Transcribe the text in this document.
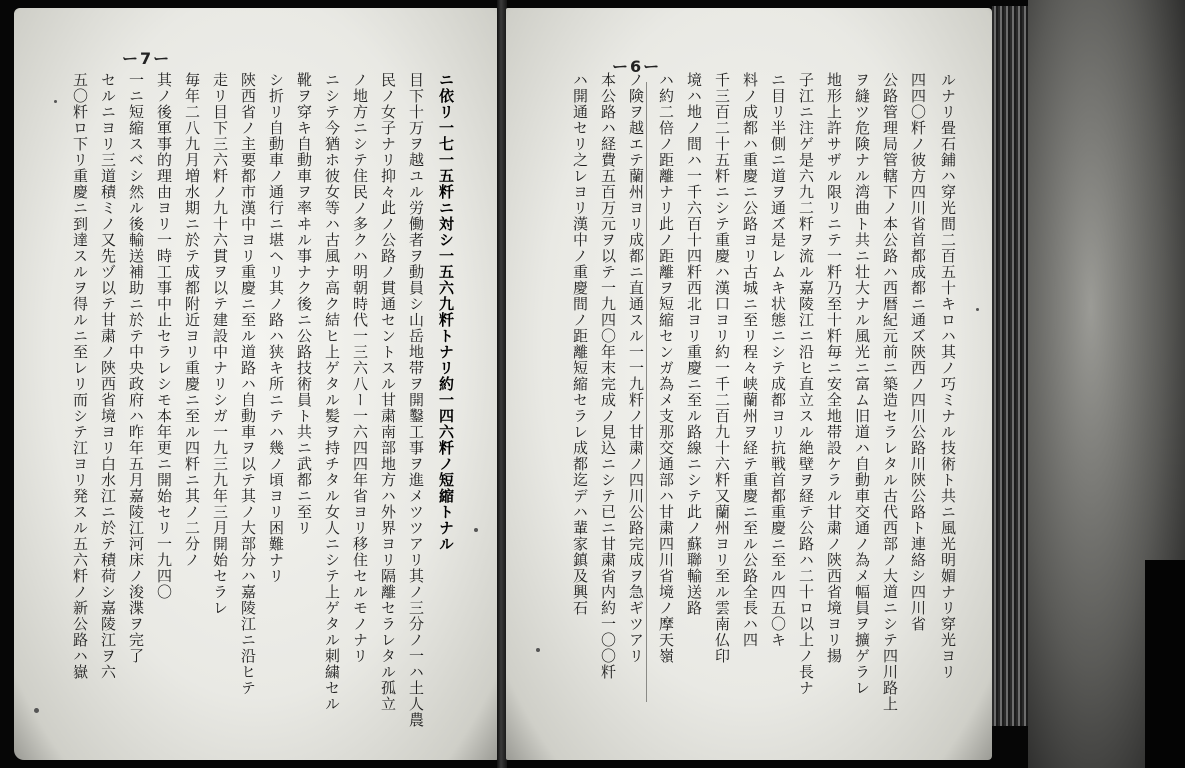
ー7ー
五〇粁ロ下リ重慶ニ到達スルヲ得ルニ至レリ而シテ江ヨリ発スル五六粁ノ新公路ハ嶽 セルニヨリ三道積ミノ又先ヅ以テ甘粛ノ陝西省境ヨリ白水江ニ於テ積荷シ嘉陵江ヲ六 一ニ短縮スベシ然ル後輸送補助ニ於テ中央政府ハ昨年五月嘉陵江河床ノ浚渫ヲ完了 其ノ後軍事的理由ヨリ一時工事中止セラレシモ本年更ニ開始セリ一九四〇 毎年二八九月増水期ニ於テ成都附近ヨリ重慶ニ至ル四粁ニ其ノ二分ノ 走リ目下三六粁ノ九十六貫ヲ以テ建設中ナリシガ一九三九年三月開始セラレ 陝西省ノ主要都市漢中ヨリ重慶ニ至ル道路ハ自動車ヲ以テ其ノ大部分ハ嘉陵江ニ沿ヒテ シ折リ自動車ノ通行ニ堪ヘリ其ノ路ハ狭キ所ニテハ幾ノ頃ヨリ困難ナリ 靴ヲ穿キ自動車ヲ率ヰル事ナク後ニ公路技術員ト共ニ武都ニ至リ ニシテ今猶ホ彼女等ハ古風ナ高ク結ヒ上ゲタル髪ヲ持チタル女人ニシテ上ゲタル刺繍セル ノ地方ニシテ住民ノ多クハ明朝時代一三六八ー一六四四年省ヨリ移住セルモノナリ 民ノ女子ナリ抑々此ノ公路ノ貫通セントスル甘粛南部地方ハ外界ヨリ隔離セラレタル孤立 目下十万ヲ越ユル労働者ヲ動員シ山岳地帯ヲ開鑿工事ヲ進メツツアリ其ノ三分ノ一ハ土人農 ニ依リ一七一五粁ニ対シ一五六九粁トナリ約一四六粁ノ短縮トナル
ー6ー
ハ開通セリ之レヨリ漢中ノ重慶間ノ距離短縮セラレ成都迄デハ輩家鎮及興石 本公路ハ経費五百万元ヲ以テ一九四〇年末完成ノ見込ニシテ已ニ甘粛省内約一〇〇粁 ノ険ヲ越エテ蘭州ヨリ成都ニ直通スル一一九粁ノ甘粛ノ四川公路完成ヲ急ギツアリ ハ約二倍ノ距離ナリ此ノ距離ヲ短縮センガ為メ支那交通部ハ甘粛四川省境ノ摩天嶺 境ハ地ノ間ハ一千六百十四粁西北ヨリ重慶ニ至ル路線ニシテ此ノ蘇聯輸送路 千三百二十五粁ニシテ重慶ハ漢口ヨリ約一千二百九十六粁又蘭州ヨリ至ル雲南仏印 料ノ成都ハ重慶ニ公路ヨリ古城ニ至リ程々峡蘭州ヲ経テ重慶ニ至ル公路全長ハ四 ニ目リ半側ニ道ヲ通ズ是レムキ状態ニシテ成都ヨリ抗戦首都重慶ニ至ル四五〇キ 子江ニ注ゲ是六九二粁ヲ流ル嘉陵江ニ沿ヒ直立スル絶壁ヲ経テ公路ハ二十ロ以上ノ長ナ 地形上許サザル限リニテ一粁乃至十粁毎ニ安全地帯設ケラル甘粛ノ陝西省境ヨリ揚 ヲ縫ツ危険ナル湾曲ト共ニ壮大ナル風光ニ富ム旧道ハ自動車交通ノ為メ幅員ヲ擴ゲラレ 公路管理局管轄下ノ本公路ハ西暦紀元前ニ築造セラレタル古代西部ノ大道ニシテ四川路上 四四〇粁ノ彼方四川省首都成都ニ通ズ陝西ノ四川公路川陝公路ト連絡シ四川省 ルナリ畳石鋪ハ穿光間二百五十キロハ其ノ巧ミナル技術ト共ニ風光明媚ナリ穿光ヨリ
